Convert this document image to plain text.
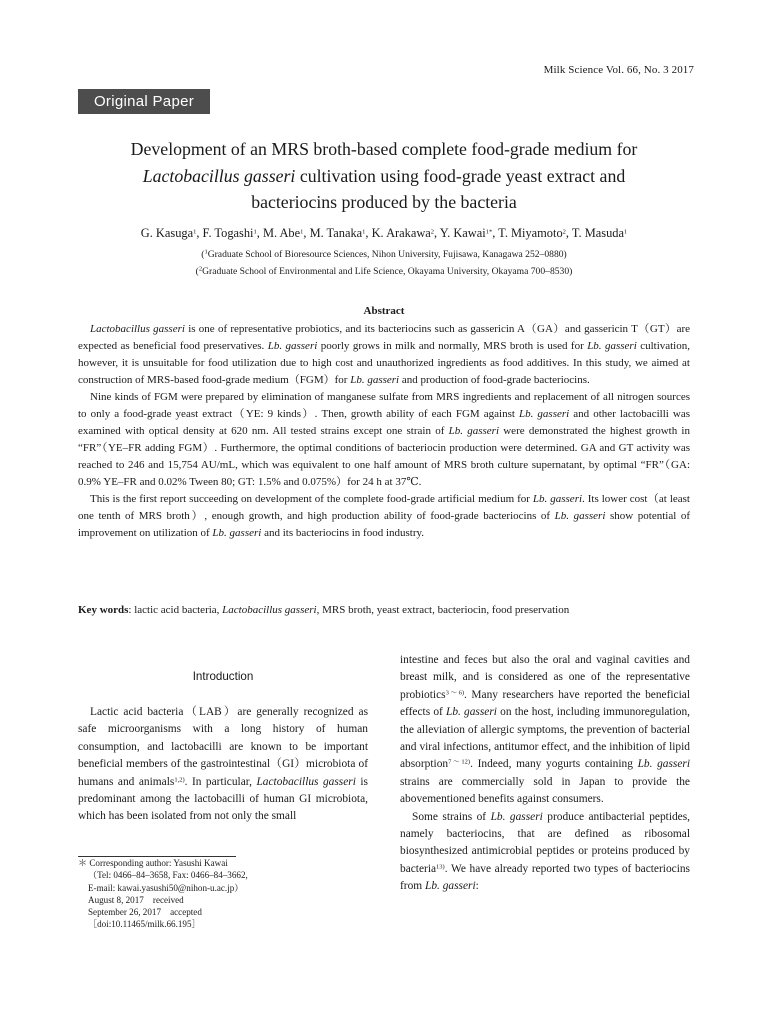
Milk Science Vol. 66, No. 3 2017
Original Paper
Development of an MRS broth-based complete food-grade medium for
Lactobacillus gasseri cultivation using food-grade yeast extract and
bacteriocins produced by the bacteria
G. Kasuga$^1$, F. Togashi$^1$, M. Abe$^1$, M. Tanaka$^1$, K. Arakawa$^2$, Y. Kawai$^{1*}$, T. Miyamoto$^2$, T. Masuda$^1$
($^1$Graduate School of Bioresource Sciences, Nihon University, Fujisawa, Kanagawa 252–0880)
($^2$Graduate School of Environmental and Life Science, Okayama University, Okayama 700–8530)
Abstract

Lactobacillus gasseri is one of representative probiotics, and its bacteriocins such as gassericin A（GA）and gassericin T（GT）are expected as beneficial food preservatives. Lb. gasseri poorly grows in milk and normally, MRS broth is used for Lb. gasseri cultivation, however, it is unsuitable for food utilization due to high cost and unauthorized ingredients as food additives. In this study, we aimed at construction of MRS-based food-grade medium（FGM）for Lb. gasseri and production of food-grade bacteriocins.

Nine kinds of FGM were prepared by elimination of manganese sulfate from MRS ingredients and replacement of all nitrogen sources to only a food-grade yeast extract（YE: 9 kinds）. Then, growth ability of each FGM against Lb. gasseri and other lactobacilli was examined with optical density at 620 nm. All tested strains except one strain of Lb. gasseri were demonstrated the highest growth in “FR”（YE–FR adding FGM）. Furthermore, the optimal conditions of bacteriocin production were determined. GA and GT activity was reached to 246 and 15,754 AU/mL, which was equivalent to one half amount of MRS broth culture supernatant, by optimal “FR”（GA: 0.9% YE–FR and 0.02% Tween 80; GT: 1.5% and 0.075%）for 24 h at 37℃.

This is the first report succeeding on development of the complete food-grade artificial medium for Lb. gasseri. Its lower cost（at least one tenth of MRS broth）, enough growth, and high production ability of food-grade bacteriocins of Lb. gasseri show potential of improvement on utilization of Lb. gasseri and its bacteriocins in food industry.

Key words: lactic acid bacteria, Lactobacillus gasseri, MRS broth, yeast extract, bacteriocin, food preservation
Introduction

Lactic acid bacteria（LAB）are generally recognized as safe microorganisms with a long history of human consumption, and lactobacilli are known to be important beneficial members of the gastrointestinal（GI）microbiota of humans and animals$^{1,2)}$. In particular, Lactobacillus gasseri is predominant among the lactobacilli of human GI microbiota, which has been isolated from not only the small

intestine and feces but also the oral and vaginal cavities and breast milk, and is considered as one of the representative probiotics$^{3〜6)}$. Many researchers have reported the beneficial effects of Lb. gasseri on the host, including immunoregulation, the alleviation of allergic symptoms, the prevention of bacterial and viral infections, antitumor effect, and the inhibition of lipid absorption$^{7〜12)}$. Indeed, many yogurts containing Lb. gasseri strains are commercially sold in Japan to provide the abovementioned benefits against consumers.

Some strains of Lb. gasseri produce antibacterial peptides, namely bacteriocins, that are defined as ribosomal biosynthesized antimicrobial peptides or proteins produced by bacteria$^{13)}$. We have already reported two types of bacteriocins from Lb. gasseri:

＊ Corresponding author: Yasushi Kawai
（Tel: 0466–84–3658, Fax: 0466–84–3662,
E-mail: kawai.yasushi50@nihon-u.ac.jp）
August 8, 2017　received
September 26, 2017　accepted
［doi:10.11465/milk.66.195］
